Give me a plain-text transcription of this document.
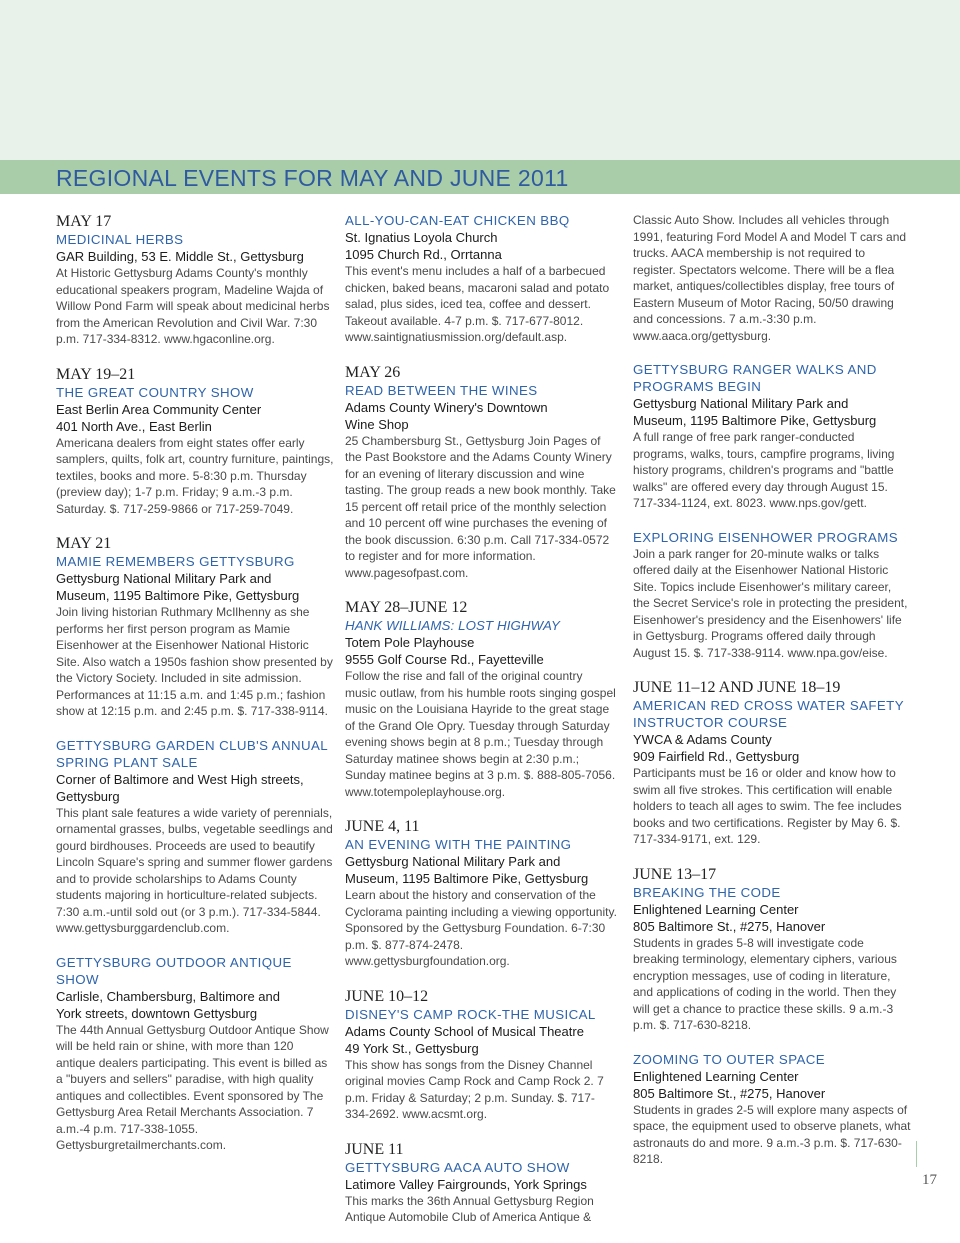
REGIONAL EVENTS FOR MAY AND JUNE 2011
MAY 17
MEDICINAL HERBS
GAR Building, 53 E. Middle St., Gettysburg
At Historic Gettysburg Adams County's monthly educational speakers program, Madeline Wajda of Willow Pond Farm will speak about medicinal herbs from the American Revolution and Civil War. 7:30 p.m. 717-334-8312. www.hgaconline.org.
MAY 19–21
THE GREAT COUNTRY SHOW
East Berlin Area Community Center
401 North Ave., East Berlin
Americana dealers from eight states offer early samplers, quilts, folk art, country furniture, paintings, textiles, books and more. 5-8:30 p.m. Thursday (preview day); 1-7 p.m. Friday; 9 a.m.-3 p.m. Saturday. $. 717-259-9866 or 717-259-7049.
MAY 21
MAMIE REMEMBERS GETTYSBURG
Gettysburg National Military Park and
Museum, 1195 Baltimore Pike, Gettysburg
Join living historian Ruthmary McIlhenny as she performs her first person program as Mamie Eisenhower at the Eisenhower National Historic Site. Also watch a 1950s fashion show presented by the Victory Society. Included in site admission. Performances at 11:15 a.m. and 1:45 p.m.; fashion show at 12:15 p.m. and 2:45 p.m. $. 717-338-9114.
GETTYSBURG GARDEN CLUB'S ANNUAL SPRING PLANT SALE
Corner of Baltimore and West High streets,
Gettysburg
This plant sale features a wide variety of perennials, ornamental grasses, bulbs, vegetable seedlings and gourd birdhouses. Proceeds are used to beautify Lincoln Square's spring and summer flower gardens and to provide scholarships to Adams County students majoring in horticulture-related subjects. 7:30 a.m.-until sold out (or 3 p.m.). 717-334-5844. www.gettysburggardenclub.com.
GETTYSBURG OUTDOOR ANTIQUE SHOW
Carlisle, Chambersburg, Baltimore and
York streets, downtown Gettysburg
The 44th Annual Gettysburg Outdoor Antique Show will be held rain or shine, with more than 120 antique dealers participating. This event is billed as a "buyers and sellers" paradise, with high quality antiques and collectibles. Event sponsored by The Gettysburg Area Retail Merchants Association. 7 a.m.-4 p.m. 717-338-1055. Gettysburgretailmerchants.com.
ALL-YOU-CAN-EAT CHICKEN BBQ
St. Ignatius Loyola Church
1095 Church Rd., Orrtanna
This event's menu includes a half of a barbecued chicken, baked beans, macaroni salad and potato salad, plus sides, iced tea, coffee and dessert. Takeout available. 4-7 p.m. $. 717-677-8012. www.saintignatiusmission.org/default.asp.
MAY 26
READ BETWEEN THE WINES
Adams County Winery's Downtown
Wine Shop
25 Chambersburg St., Gettysburg Join Pages of the Past Bookstore and the Adams County Winery for an evening of literary discussion and wine tasting. The group reads a new book monthly. Take 15 percent off retail price of the monthly selection and 10 percent off wine purchases the evening of the book discussion. 6:30 p.m. Call 717-334-0572 to register and for more information. www.pagesofpast.com.
MAY 28–JUNE 12
HANK WILLIAMS: LOST HIGHWAY
Totem Pole Playhouse
9555 Golf Course Rd., Fayetteville
Follow the rise and fall of the original country music outlaw, from his humble roots singing gospel music on the Louisiana Hayride to the great stage of the Grand Ole Opry. Tuesday through Saturday evening shows begin at 8 p.m.; Tuesday through Saturday matinee shows begin at 2:30 p.m.; Sunday matinee begins at 3 p.m. $. 888-805-7056. www.totempoleplayhouse.org.
JUNE 4, 11
AN EVENING WITH THE PAINTING
Gettysburg National Military Park and
Museum, 1195 Baltimore Pike, Gettysburg
Learn about the history and conservation of the Cyclorama painting including a viewing opportunity. Sponsored by the Gettysburg Foundation. 6-7:30 p.m. $. 877-874-2478. www.gettysburgfoundation.org.
JUNE 10–12
DISNEY'S CAMP ROCK-THE MUSICAL
Adams County School of Musical Theatre
49 York St., Gettysburg
This show has songs from the Disney Channel original movies Camp Rock and Camp Rock 2. 7 p.m. Friday & Saturday; 2 p.m. Sunday. $. 717-334-2692. www.acsmt.org.
JUNE 11
GETTYSBURG AACA AUTO SHOW
Latimore Valley Fairgrounds, York Springs
This marks the 36th Annual Gettysburg Region Antique Automobile Club of America Antique &
Classic Auto Show. Includes all vehicles through 1991, featuring Ford Model A and Model T cars and trucks. AACA membership is not required to register. Spectators welcome. There will be a flea market, antiques/collectibles display, free tours of Eastern Museum of Motor Racing, 50/50 drawing and concessions. 7 a.m.-3:30 p.m. www.aaca.org/gettysburg.
GETTYSBURG RANGER WALKS AND PROGRAMS BEGIN
Gettysburg National Military Park and
Museum, 1195 Baltimore Pike, Gettysburg
A full range of free park ranger-conducted programs, walks, tours, campfire programs, living history programs, children's programs and "battle walks" are offered every day through August 15. 717-334-1124, ext. 8023. www.nps.gov/gett.
EXPLORING EISENHOWER PROGRAMS
Join a park ranger for 20-minute walks or talks offered daily at the Eisenhower National Historic Site. Topics include Eisenhower's military career, the Secret Service's role in protecting the president, Eisenhower's presidency and the Eisenhowers' life in Gettysburg. Programs offered daily through August 15. $. 717-338-9114. www.npa.gov/eise.
JUNE 11–12 AND JUNE 18–19
AMERICAN RED CROSS WATER SAFETY INSTRUCTOR COURSE
YWCA & Adams County
909 Fairfield Rd., Gettysburg
Participants must be 16 or older and know how to swim all five strokes. This certification will enable holders to teach all ages to swim. The fee includes books and two certifications. Register by May 6. $. 717-334-9171, ext. 129.
JUNE 13–17
BREAKING THE CODE
Enlightened Learning Center
805 Baltimore St., #275, Hanover
Students in grades 5-8 will investigate code breaking terminology, elementary ciphers, various encryption messages, use of coding in literature, and applications of coding in the world. Then they will get a chance to practice these skills. 9 a.m.-3 p.m. $. 717-630-8218.
ZOOMING TO OUTER SPACE
Enlightened Learning Center
805 Baltimore St., #275, Hanover
Students in grades 2-5 will explore many aspects of space, the equipment used to observe planets, what astronauts do and more. 9 a.m.-3 p.m. $. 717-630-8218.
17
